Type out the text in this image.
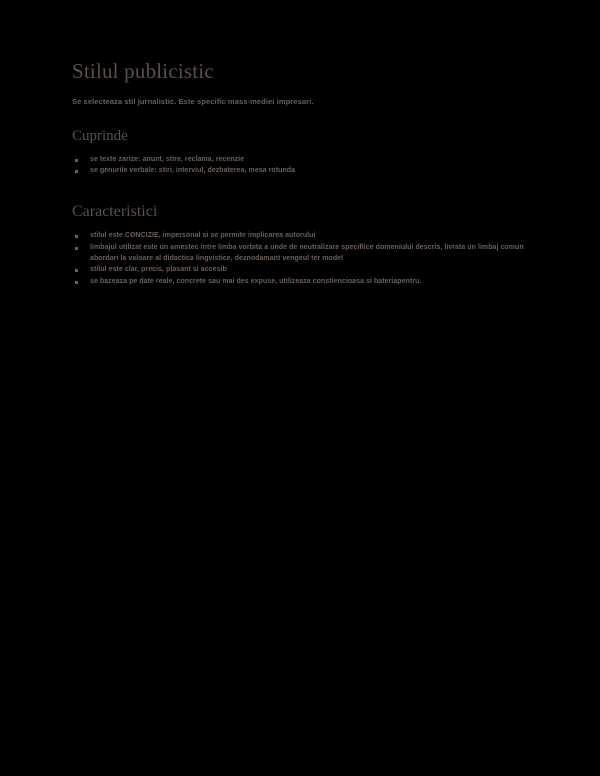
Stilul publicistic

Se selecteaza stil jurnalistic. Este specific mass-mediei impresari.

Cuprinde
se texte zarize: anunt, stire, reclama, recenzie
se genurile verbale: stiri, interviul, dezbaterea, mesa rotunda
Caracteristici
stilul este CONCIZIE, impersonal si se permite implicarea autorului
limbajul utilizat este un amestec intre limba vorbita a unde de neutralizare speciflice domeniului descris, livrata un limbaj comun abordari la valoare al didactica lingvistice, deznodamant vengeul ter model
stilul este clar, precis, plasant si accesib
se bazeaza pe date reale, concrete sau mai des expuse, utilizeaza constiencioasa si bateriapentru.
